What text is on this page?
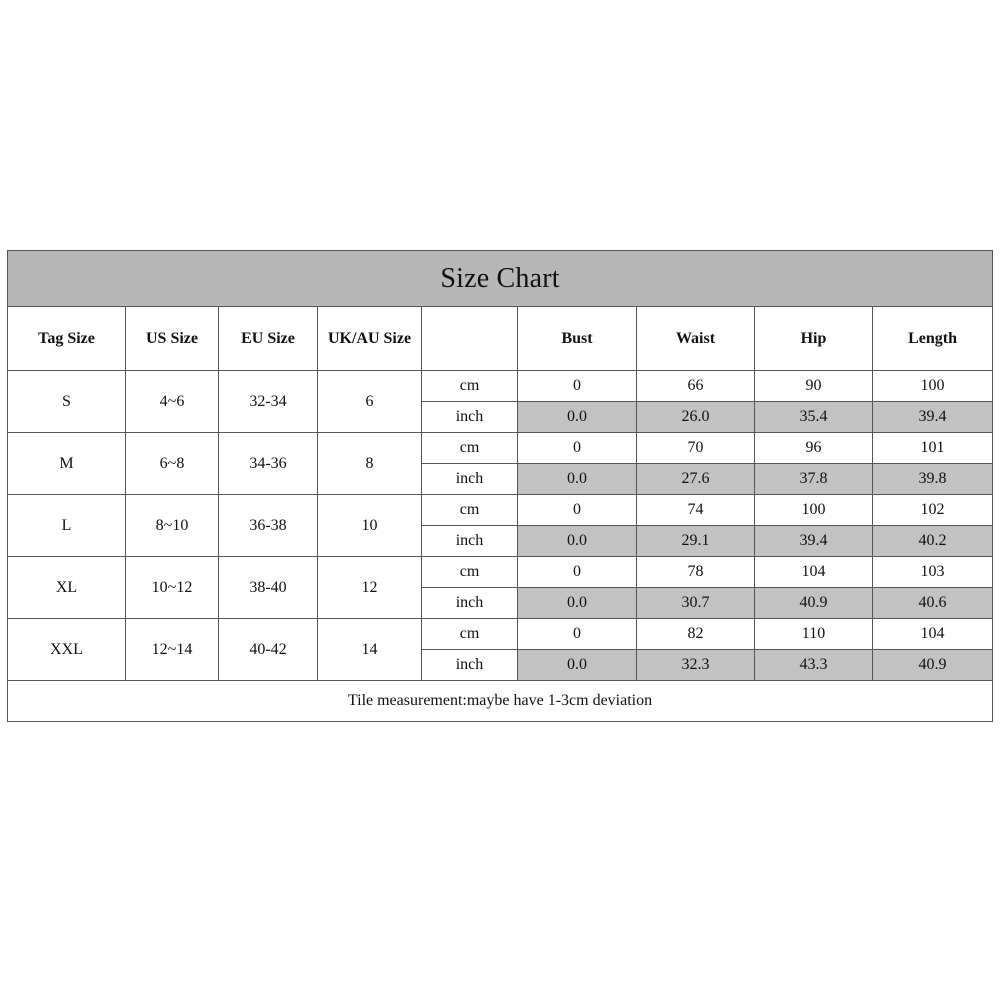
Size Chart								
Tag Size	US Size	EU Size	UK/AU Size		Bust	Waist	Hip	Length
S	4~6	32-34	6	cm	0	66	90	100
				inch	0.0	26.0	35.4	39.4
M	6~8	34-36	8	cm	0	70	96	101
				inch	0.0	27.6	37.8	39.8
L	8~10	36-38	10	cm	0	74	100	102
				inch	0.0	29.1	39.4	40.2
XL	10~12	38-40	12	cm	0	78	104	103
				inch	0.0	30.7	40.9	40.6
XXL	12~14	40-42	14	cm	0	82	110	104
				inch	0.0	32.3	43.3	40.9
Tile measurement:maybe have 1-3cm deviation								
